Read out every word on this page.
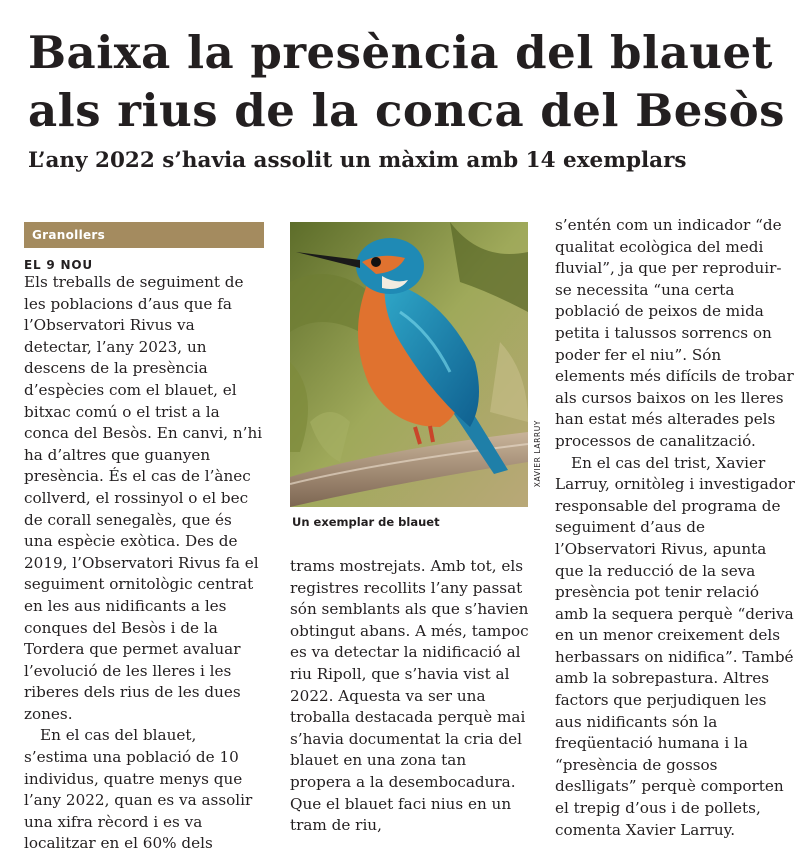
Baixa la presència del blauet
als rius de la conca del Besòs
L’any 2022 s’havia assolit un màxim amb 14 exemplars
Granollers
EL 9 NOU

Els treballs de seguiment de les poblacions d’aus que fa l’Observatori Rivus va detectar, l’any 2023, un descens de la presència d’espècies com el blauet, el bitxac comú o el trist a la conca del Besòs. En canvi, n’hi ha d’altres que guanyen presència. És el cas de l’ànec collverd, el rossinyol o el bec de corall senegalès, que és una espècie exòtica. Des de 2019, l’Observatori Rivus fa el seguiment ornitològic centrat en les aus nidificants a les conques del Besòs i de la Tordera que permet avaluar l’evolució de les lleres i les riberes dels rius de les dues zones.

En el cas del blauet, s’estima una població de 10 individus, quatre menys que l’any 2022, quan es va assolir una xifra rècord i es va localitzar en el 60% dels

XAVIER LARRUY
Un exemplar de blauet

trams mostrejats. Amb tot, els registres recollits l’any passat són semblants als que s’havien obtingut abans. A més, tampoc es va detectar la nidificació al riu Ripoll, que s’havia vist al 2022. Aquesta va ser una troballa destacada perquè mai s’havia documentat la cria del blauet en una zona tan propera a la desembocadura. Que el blauet faci nius en un tram de riu,

s’entén com un indicador “de qualitat ecològica del medi fluvial”, ja que per reproduir-se necessita “una certa població de peixos de mida petita i talussos sorrencs on poder fer el niu”. Són elements més difícils de trobar als cursos baixos on les lleres han estat més alterades pels processos de canalització.

En el cas del trist, Xavier Larruy, ornitòleg i investigador responsable del programa de seguiment d’aus de l’Observatori Rivus, apunta que la reducció de la seva presència pot tenir relació amb la sequera perquè “deriva en un menor creixement dels herbassars on nidifica”. També amb la sobrepastura. Altres factors que perjudiquen les aus nidificants són la freqüentació humana i la “presència de gossos deslligats” perquè comporten el trepig d’ous i de pollets, comenta Xavier Larruy.
